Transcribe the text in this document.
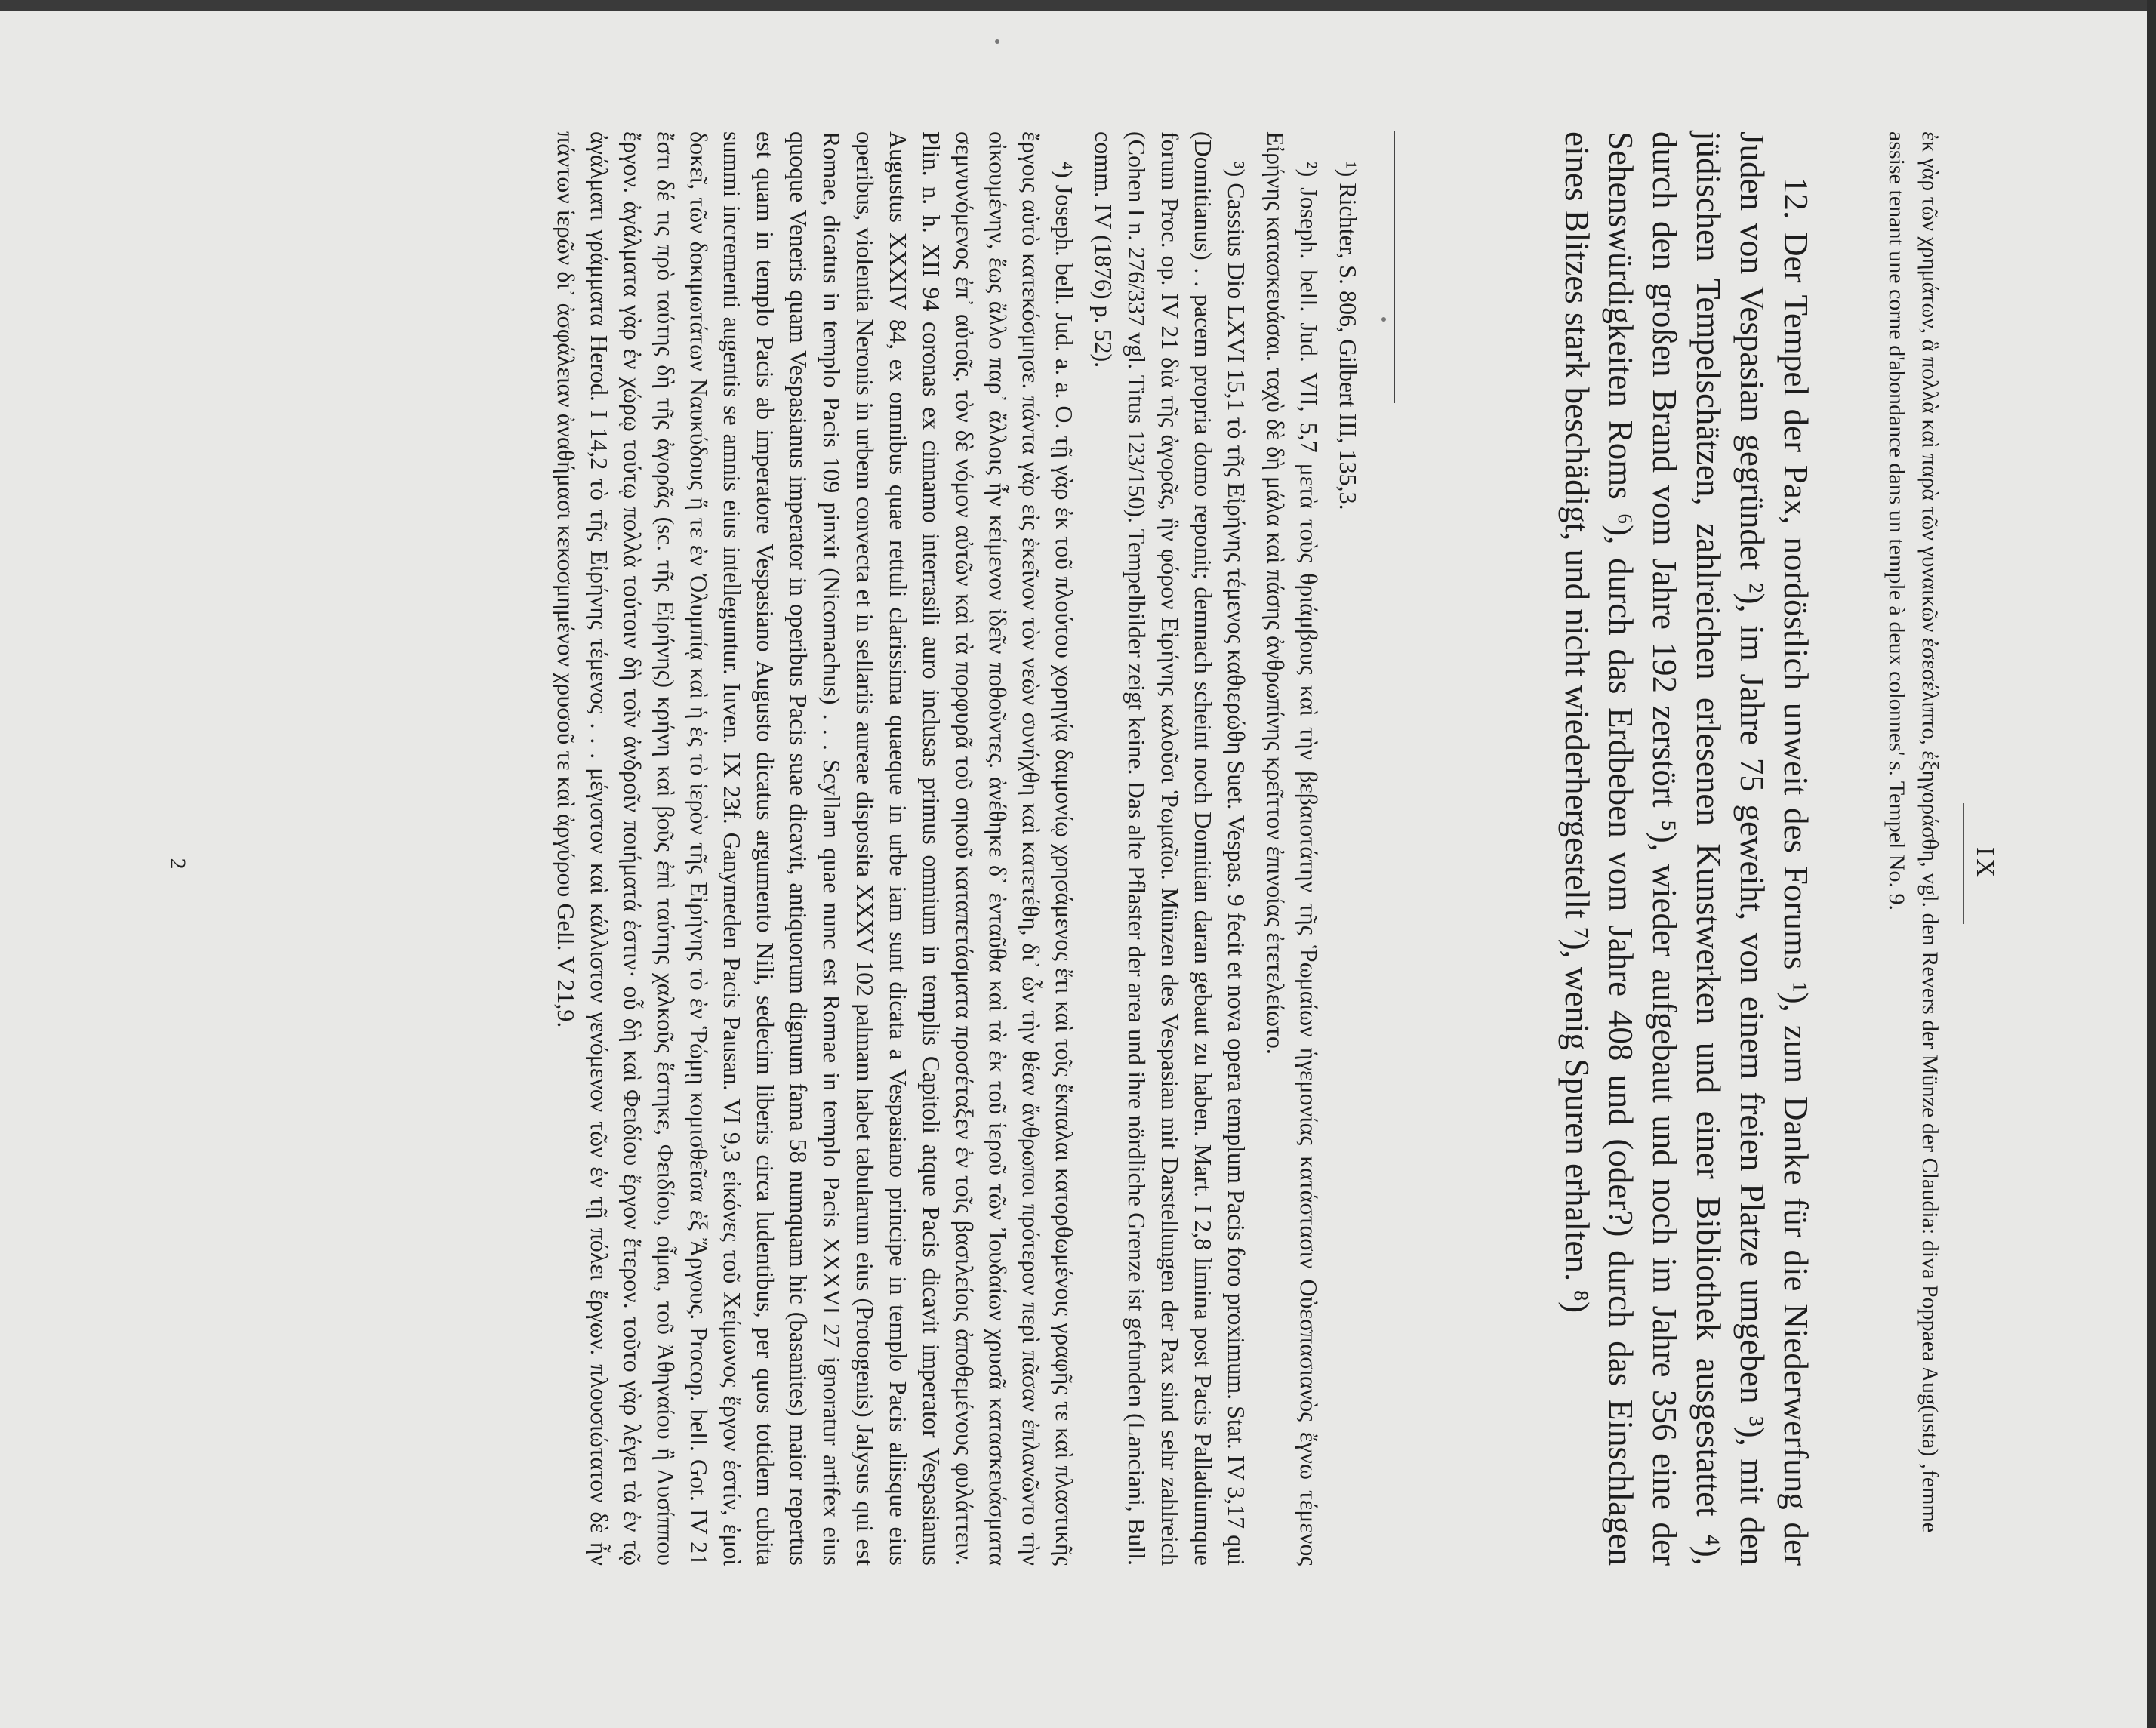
IX

ἐκ γὰρ τῶν χρημάτων, ἃ πολλὰ καὶ παρὰ τῶν γυναικῶν ἐσεσέλιπτο, ἐξηγοράσθη, vgl. den Revers der Münze der Claudia: diva Poppaea Aug(usta) ‚femme assise tenant une corne d'abondance dans un temple à deux colonnes' s. Tempel No. 9.

12. Der Tempel der Pax, nordöstlich unweit des Forums ¹), zum Danke für die Niederwerfung der Juden von Vespasian gegründet ²), im Jahre 75 geweiht, von einem freien Platze umgeben ³), mit den jüdischen Tempelschätzen, zahlreichen erlesenen Kunstwerken und einer Bibliothek ausgestattet ⁴), durch den großen Brand vom Jahre 192 zerstört ⁵), wieder aufgebaut und noch im Jahre 356 eine der Sehenswürdigkeiten Roms ⁶), durch das Erdbeben vom Jahre 408 und (oder?) durch das Einschlagen eines Blitzes stark beschädigt, und nicht wiederhergestellt ⁷), wenig Spuren erhalten. ⁸)

¹) Richter, S. 806, Gilbert III, 135,3.

²) Joseph. bell. Jud. VII, 5,7 μετὰ τοὺς θριάμβους καὶ τὴν βεβαιοτάτην τῆς Ῥωμαίων ἡγεμονίας κατάστασιν Οὐεσπασιανὸς ἔγνω τέμενος Εἰρήνης κατασκευάσαι. ταχὺ δὲ δὴ μάλα καὶ πάσης ἀνθρωπίνης κρεῖττον ἐπινοίας ἐτετελείωτο.

³) Cassius Dio LXVI 15,1 τὸ τῆς Εἰρήνης τέμενος καθιερώθη Suet. Vespas. 9 fecit et nova opera templum Pacis foro proximum. Stat. IV 3,17 qui (Domitianus) . . pacem propria domo reponit; demnach scheint noch Domitian daran gebaut zu haben. Mart. I 2,8 limina post Pacis Palladiumque forum Proc. op. IV 21 διὰ τῆς ἀγορᾶς, ἣν φόρον Εἰρήνης καλοῦσι Ῥωμαῖοι. Münzen des Vespasian mit Darstellungen der Pax sind sehr zahlreich (Cohen I n. 276/337 vgl. Titus 123/150). Tempelbilder zeigt keine. Das alte Pflaster der area und ihre nördliche Grenze ist gefunden (Lanciani, Bull. comm. IV (1876) p. 52).

⁴) Joseph. bell. Jud. a. a. O. τῇ γὰρ ἐκ τοῦ πλούτου χορηγίᾳ δαιμονίῳ χρησάμενος ἔτι καὶ τοῖς ἔκπαλαι κατορθωμένοις γραφῆς τε καὶ πλαστικῆς ἔργοις αὐτὸ κατεκόσμησε. πάντα γὰρ εἰς ἐκεῖνον τὸν νεὼν συνήχθη καὶ κατετέθη, δι᾽ ὧν τὴν θέαν ἄνθρωποι πρότερον περὶ πᾶσαν ἐπλανῶντο τὴν οἰκουμένην, ἕως ἄλλο παρ᾽ ἄλλοις ἦν κείμενον ἰδεῖν ποθοῦντες. ἀνέθηκε δ᾽ ἐνταῦθα καὶ τὰ ἐκ τοῦ ἱεροῦ τῶν Ἰουδαίων χρυσᾶ κατασκευάσματα σεμνυνόμενος ἐπ᾽ αὐτοῖς. τὸν δὲ νόμον αὐτῶν καὶ τὰ πορφυρᾶ τοῦ σηκοῦ καταπετάσματα προσέταξεν ἐν τοῖς βασιλείοις ἀποθεμένους φυλάττειν. Plin. n. h. XII 94 coronas ex cinnamo interrasili auro inclusas primus omnium in templis Capitoli atque Pacis dicavit imperator Vespasianus Augustus XXXIV 84, ex omnibus quae rettuli clarissima quaeque in urbe iam sunt dicata a Vespasiano principe in templo Pacis aliisque eius operibus, violentia Neronis in urbem convecta et in sellariis aureae disposita XXXV 102 palmam habet tabularum eius (Protogenis) Jalysus qui est Romae, dicatus in templo Pacis 109 pinxit (Nicomachus) . . . Scyllam quae nunc est Romae in templo Pacis XXXVI 27 ignoratur artifex eius quoque Veneris quam Vespasianus imperator in operibus Pacis suae dicavit, antiquorum dignum fama 58 numquam hic (basanites) maior repertus est quam in templo Pacis ab imperatore Vespasiano Augusto dicatus argumento Nili, sedecim liberis circa ludentibus, per quos totidem cubita summi incrementi augentis se amnis eius intelleguntur. Iuven. IX 23f. Ganymeden Pacis Pausan. VI 9,3 εἰκόνες τοῦ Χείμωνος ἔργον ἐστίν, ἐμοὶ δοκεῖ, τῶν δοκιμωτάτων Ναυκύδους ἥ τε ἐν Ὀλυμπίᾳ καὶ ἡ ἐς τὸ ἱερὸν τῆς Εἰρήνης τὸ ἐν Ῥώμῃ κομισθεῖσα ἐξ Ἄργους. Procop. bell. Got. IV 21 ἔστι δέ τις πρὸ ταύτης δὴ τῆς ἀγορᾶς (sc. τῆς Εἰρήνης) κρήνη καὶ βοῦς ἐπὶ ταύτης χαλκοῦς ἕστηκε, Φειδίου, οἶμαι, τοῦ Ἀθηναίου ἢ Λυσίππου ἔργον. ἀγάλματα γὰρ ἐν χώρῳ τούτῳ πολλὰ τούτοιν δὴ τοῖν ἀνδροῖν ποιήματά ἐστιν· οὗ δὴ καὶ Φειδίου ἔργον ἕτερον. τοῦτο γὰρ λέγει τὰ ἐν τῷ ἀγάλματι γράμματα Herod. I 14,2 τὸ τῆς Εἰρήνης τέμενος . . . μέγιστον καὶ κάλλιστον γενόμενον τῶν ἐν τῇ πόλει ἔργων. πλουσιώτατον δὲ ἦν πάντων ἱερῶν δι᾽ ἀσφάλειαν ἀναθήμασι κεκοσμημένον χρυσοῦ τε καὶ ἀργύρου Gell. V 21,9.

2
